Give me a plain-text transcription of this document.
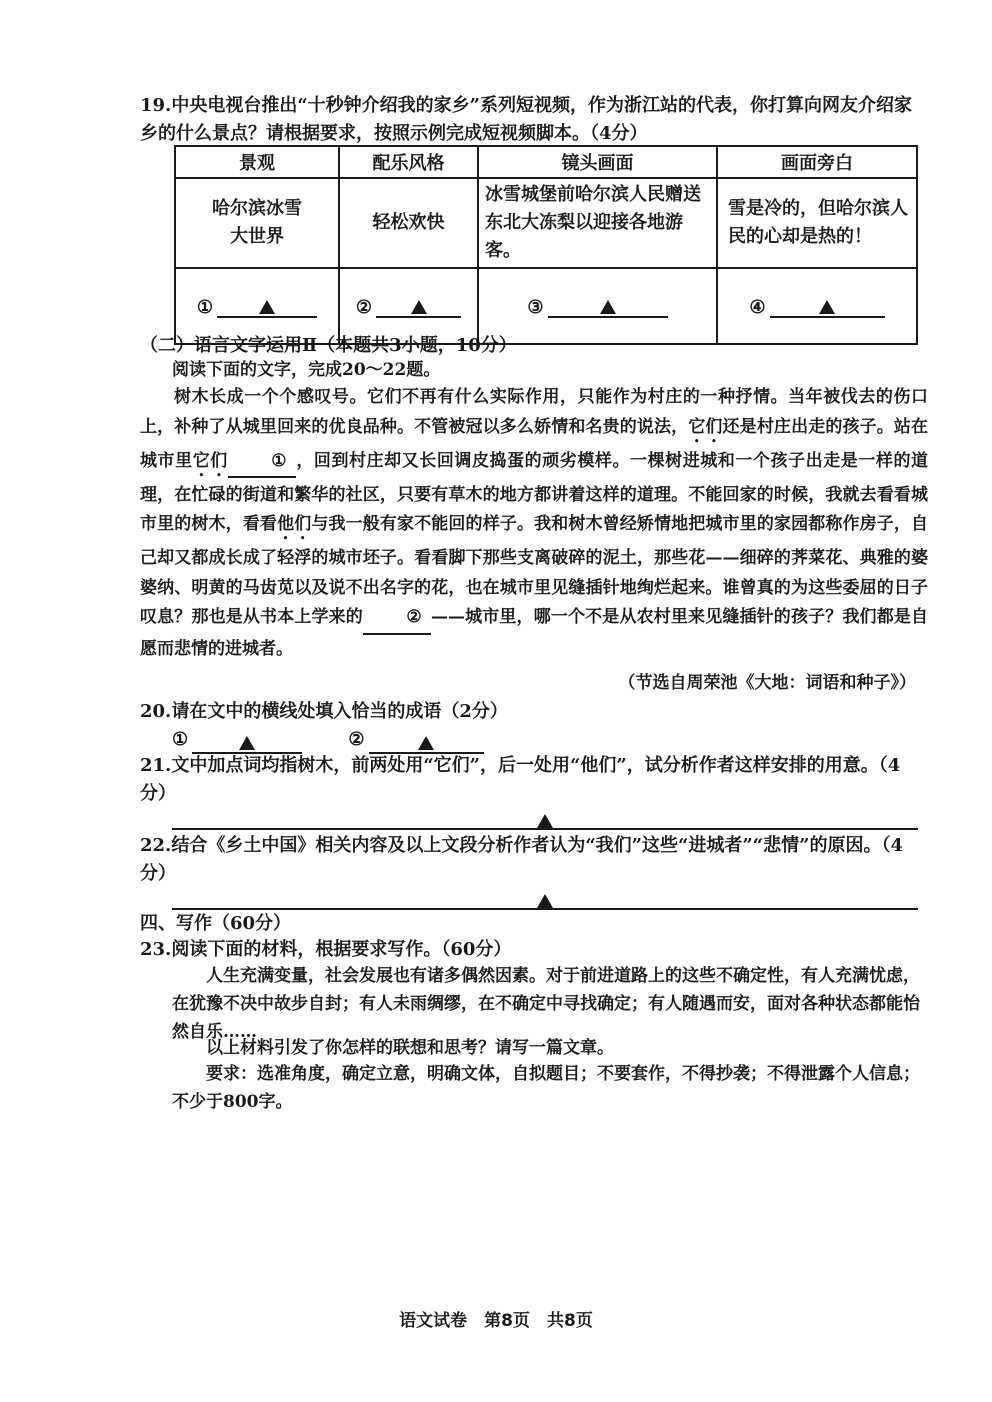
19.中央电视台推出“十秒钟介绍我的家乡”系列短视频，作为浙江站的代表，你打算向网友介绍家乡的什么景点？请根据要求，按照示例完成短视频脚本。（4分）
景观	配乐风格	镜头画面	画面旁白
哈尔滨冰雪大世界	轻松欢快	冰雪城堡前哈尔滨人民赠送东北大冻梨以迎接各地游客。	雪是冷的，但哈尔滨人民的心却是热的！

①	②	③	④
（二）语言文字运用Ⅱ（本题共3小题，10分）
阅读下面的文字，完成20～22题。
树木长成一个个感叹号。它们不再有什么实际作用，只能作为村庄的一种抒情。当年被伐去的伤口上，补种了从城里回来的优良品种。不管被冠以多么娇情和名贵的说法，它们还是村庄出走的孩子。站在城市里它们	① ，回到村庄却又长回调皮捣蛋的顽劣模样。一棵树进城和一个孩子出走是一样的道理，在忙碌的街道和繁华的社区，只要有草木的地方都讲着这样的道理。不能回家的时候，我就去看看城市里的树木，看看他们与我一般有家不能回的样子。我和树木曾经矫情地把城市里的家园都称作房子，自己却又都成长成了轻浮的城市坯子。看看脚下那些支离破碎的泥土，那些花——细碎的荠菜花、典雅的婆婆纳、明黄的马齿苋以及说不出名字的花，也在城市里见缝插针地绚烂起来。谁曾真的为这些委屈的日子叹息？那也是从书本上学来的	② ——城市里，哪一个不是从农村里来见缝插针的孩子？我们都是自愿而悲情的进城者。
（节选自周荣池《大地：词语和种子》）
20.请在文中的横线处填入恰当的成语（2分）
①
	②
21.文中加点词均指树木，前两处用“它们”，后一处用“他们”，试分析作者这样安排的用意。（4分）
22.结合《乡土中国》相关内容及以上文段分析作者认为“我们”这些“进城者”“悲情”的原因。（4分）
四、写作（60分）
23.阅读下面的材料，根据要求写作。（60分）
人生充满变量，社会发展也有诸多偶然因素。对于前进道路上的这些不确定性，有人充满忧虑，在犹豫不决中故步自封；有人未雨绸缪，在不确定中寻找确定；有人随遇而安，面对各种状态都能怡然自乐……
以上材料引发了你怎样的联想和思考？请写一篇文章。
要求：选准角度，确定立意，明确文体，自拟题目；不要套作，不得抄袭；不得泄露个人信息；不少于800字。
语文试卷　第8页　共8页
